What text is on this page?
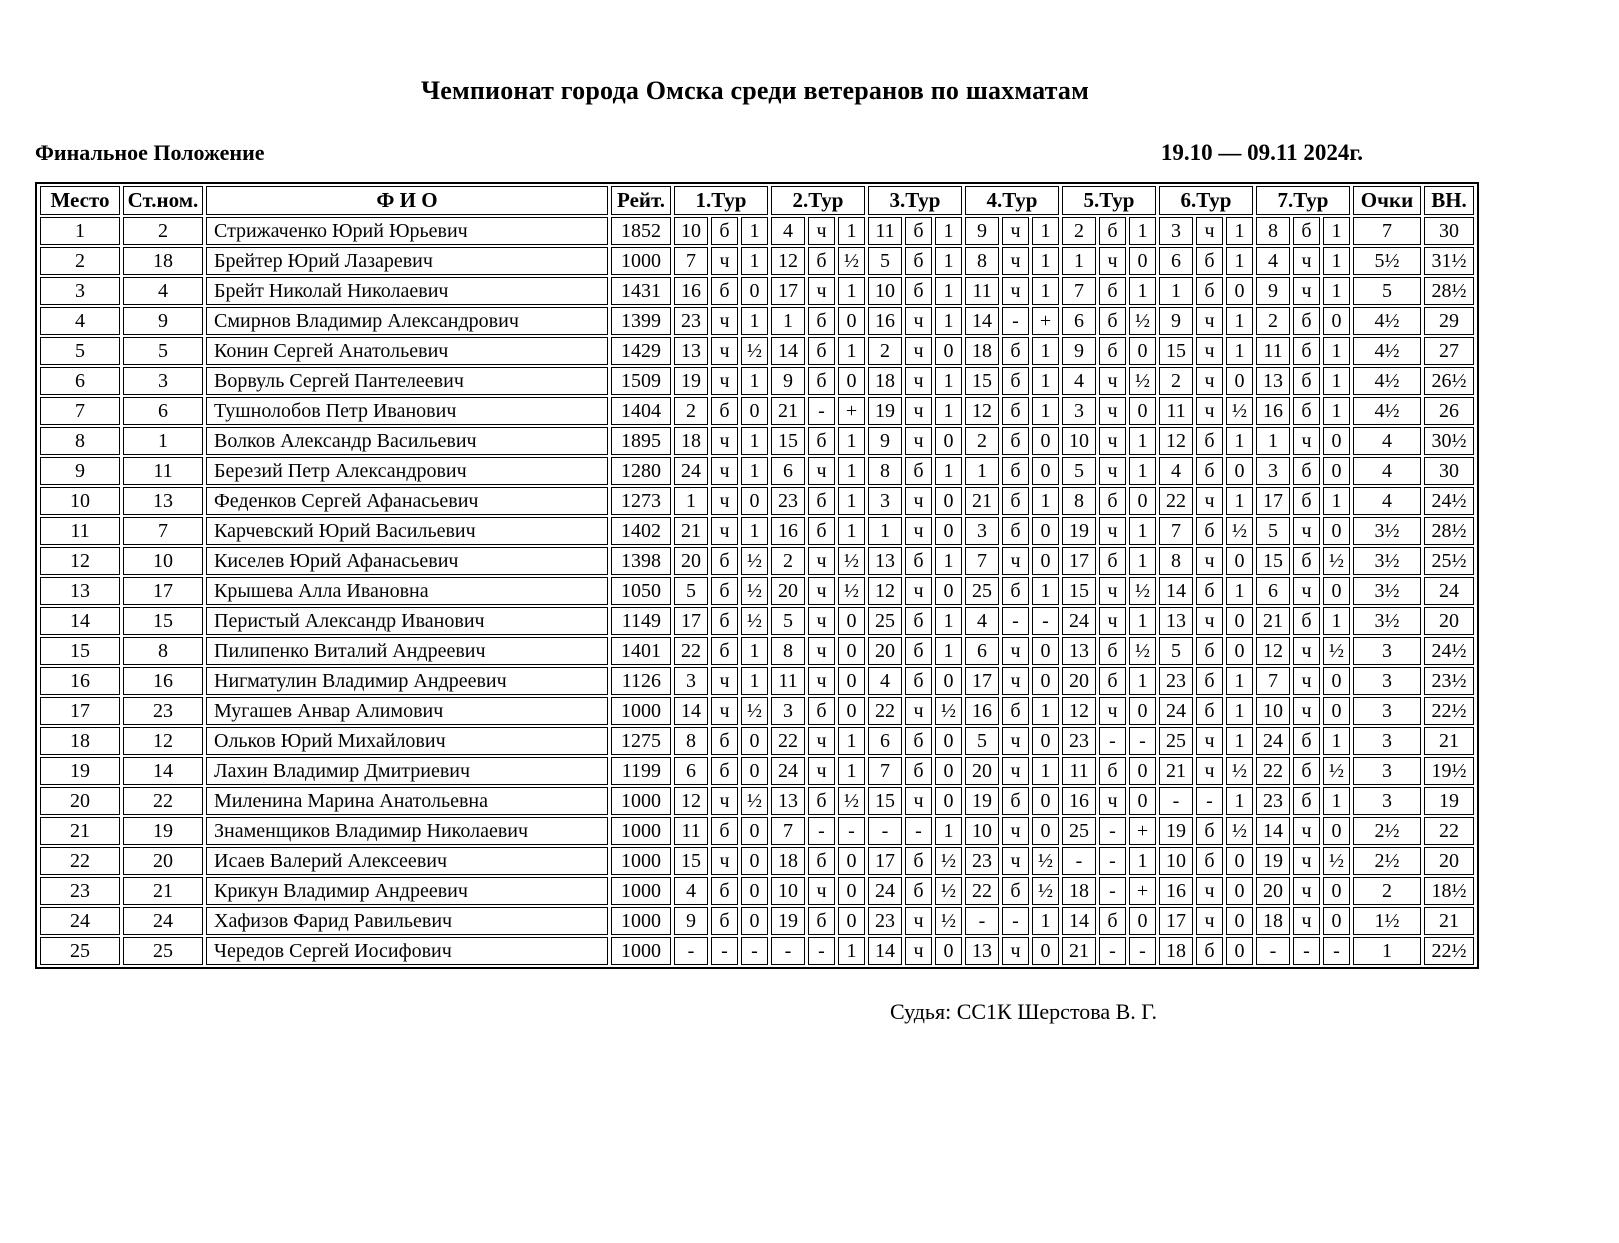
Чемпионат города Омска среди ветеранов по шахматам
Финальное Положение	19.10 — 09.11 2024г.
Место	Ст.ном.	Ф И О	Рейт.	1.Тур			2.Тур			3.Тур			4.Тур			5.Тур			6.Тур			7.Тур			Очки	ВН.
1	2	Стрижаченко Юрий Юрьевич	1852	10	б	1	4	ч	1	11	б	1	9	ч	1	2	б	1	3	ч	1	8	б	1	7	30
2	18	Брейтер Юрий Лазаревич	1000	7	ч	1	12	б	½	5	б	1	8	ч	1	1	ч	0	6	б	1	4	ч	1	5½	31½
3	4	Брейт Николай Николаевич	1431	16	б	0	17	ч	1	10	б	1	11	ч	1	7	б	1	1	б	0	9	ч	1	5	28½
4	9	Смирнов Владимир Александрович	1399	23	ч	1	1	б	0	16	ч	1	14	-	+	6	б	½	9	ч	1	2	б	0	4½	29
5	5	Конин Сергей Анатольевич	1429	13	ч	½	14	б	1	2	ч	0	18	б	1	9	б	0	15	ч	1	11	б	1	4½	27
6	3	Ворвуль Сергей Пантелеевич	1509	19	ч	1	9	б	0	18	ч	1	15	б	1	4	ч	½	2	ч	0	13	б	1	4½	26½
7	6	Тушнолобов Петр Иванович	1404	2	б	0	21	-	+	19	ч	1	12	б	1	3	ч	0	11	ч	½	16	б	1	4½	26
8	1	Волков Александр Васильевич	1895	18	ч	1	15	б	1	9	ч	0	2	б	0	10	ч	1	12	б	1	1	ч	0	4	30½
9	11	Березий Петр Александрович	1280	24	ч	1	6	ч	1	8	б	1	1	б	0	5	ч	1	4	б	0	3	б	0	4	30
10	13	Феденков Сергей Афанасьевич	1273	1	ч	0	23	б	1	3	ч	0	21	б	1	8	б	0	22	ч	1	17	б	1	4	24½
11	7	Карчевский Юрий Васильевич	1402	21	ч	1	16	б	1	1	ч	0	3	б	0	19	ч	1	7	б	½	5	ч	0	3½	28½
12	10	Киселев Юрий Афанасьевич	1398	20	б	½	2	ч	½	13	б	1	7	ч	0	17	б	1	8	ч	0	15	б	½	3½	25½
13	17	Крышева Алла Ивановна	1050	5	б	½	20	ч	½	12	ч	0	25	б	1	15	ч	½	14	б	1	6	ч	0	3½	24
14	15	Перистый Александр Иванович	1149	17	б	½	5	ч	0	25	б	1	4	-	-	24	ч	1	13	ч	0	21	б	1	3½	20
15	8	Пилипенко Виталий Андреевич	1401	22	б	1	8	ч	0	20	б	1	6	ч	0	13	б	½	5	б	0	12	ч	½	3	24½
16	16	Нигматулин Владимир Андреевич	1126	3	ч	1	11	ч	0	4	б	0	17	ч	0	20	б	1	23	б	1	7	ч	0	3	23½
17	23	Мугашев Анвар Алимович	1000	14	ч	½	3	б	0	22	ч	½	16	б	1	12	ч	0	24	б	1	10	ч	0	3	22½
18	12	Ольков Юрий Михайлович	1275	8	б	0	22	ч	1	6	б	0	5	ч	0	23	-	-	25	ч	1	24	б	1	3	21
19	14	Лахин Владимир Дмитриевич	1199	6	б	0	24	ч	1	7	б	0	20	ч	1	11	б	0	21	ч	½	22	б	½	3	19½
20	22	Миленина Марина Анатольевна	1000	12	ч	½	13	б	½	15	ч	0	19	б	0	16	ч	0	-	-	1	23	б	1	3	19
21	19	Знаменщиков Владимир Николаевич	1000	11	б	0	7	-	-	-	-	1	10	ч	0	25	-	+	19	б	½	14	ч	0	2½	22
22	20	Исаев Валерий Алексеевич	1000	15	ч	0	18	б	0	17	б	½	23	ч	½	-	-	1	10	б	0	19	ч	½	2½	20
23	21	Крикун Владимир Андреевич	1000	4	б	0	10	ч	0	24	б	½	22	б	½	18	-	+	16	ч	0	20	ч	0	2	18½
24	24	Хафизов Фарид Равильевич	1000	9	б	0	19	б	0	23	ч	½	-	-	1	14	б	0	17	ч	0	18	ч	0	1½	21
25	25	Чередов Сергей Иосифович	1000	-	-	-	-	-	1	14	ч	0	13	ч	0	21	-	-	18	б	0	-	-	-	1	22½
Судья: СС1К Шерстова В. Г.
